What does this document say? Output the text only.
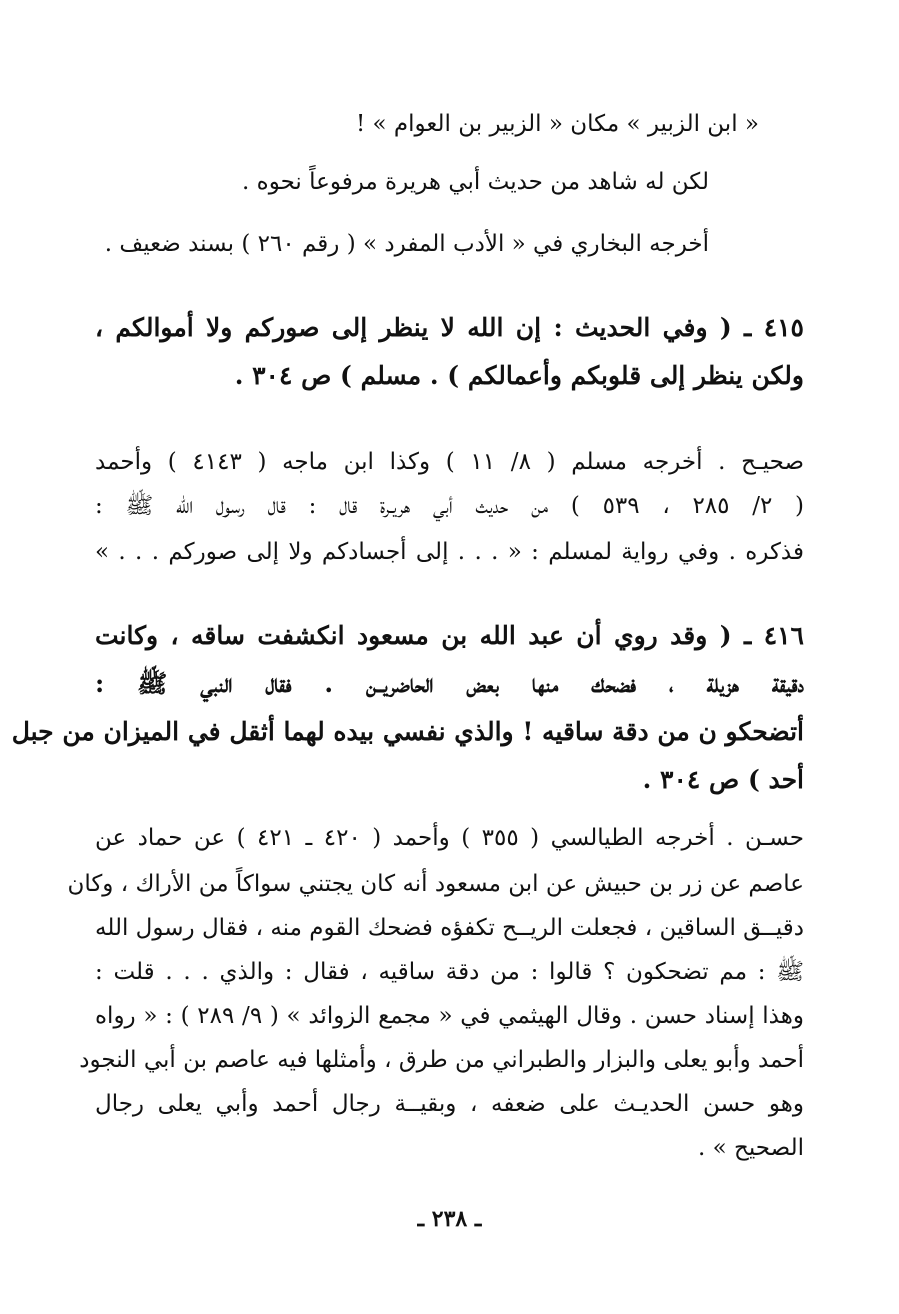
« ابن الزبير » مكان « الزبير بن العوام » !
لكن له شاهد من حديث أبي هريرة مرفوعاً نحوه .
أخرجه البخاري في « الأدب المفرد » ( رقم ٢٦٠ ) بسند ضعيف .
٤١٥ ـ ( وفي الحديث : إن الله لا ينظر إلى صوركم ولا أموالكم ،
ولكن ينظر إلى قلوبكم وأعمالكم ) . مسلم ) ص ٣٠٤ .
صحيـح . أخرجه مسلم ( ٨/ ١١ ) وكذا ابن ماجه ( ٤١٤٣ ) وأحمد
( ٢/ ٢٨٥ ، ٥٣٩ ) من حديث أبي هريـرة قال : قال رسول الله ﷺ :
فذكره . وفي رواية لمسلم : « . . . إلى أجسادكم ولا إلى صوركم . . . »
٤١٦ ـ ( وقد روي أن عبد الله بن مسعود انكشفت ساقه ، وكانت
دقيقة هزيلة ، فضحك منها بعض الحاضريــن . فقال النبي ﷺ :
أتضحكو ن من دقة ساقيه ! والذي نفسي بيده لهما أثقل في الميزان من جبل
أحد ) ص ٣٠٤ .
حسـن . أخرجه الطيالسي ( ٣٥٥ ) وأحمد ( ٤٢٠ ـ ٤٢١ ) عن حماد عن
عاصم عن زر بن حبيش عن ابن مسعود أنه كان يجتني سواكاً من الأراك ، وكان
دقيــق الساقين ، فجعلت الريــح تكفؤه فضحك القوم منه ، فقال رسول الله
ﷺ : مم تضحكون ؟ قالوا : من دقة ساقيه ، فقال : والذي . . . قلت :
وهذا إسناد حسن . وقال الهيثمي في « مجمع الزوائد » ( ٩/ ٢٨٩ ) : « رواه
أحمد وأبو يعلى والبزار والطبراني من طرق ، وأمثلها فيه عاصم بن أبي النجود
وهو حسن الحديـث على ضعفه ، وبقيــة رجال أحمد وأبي يعلى رجال
الصحيح » .
ـ ٢٣٨ ـ
